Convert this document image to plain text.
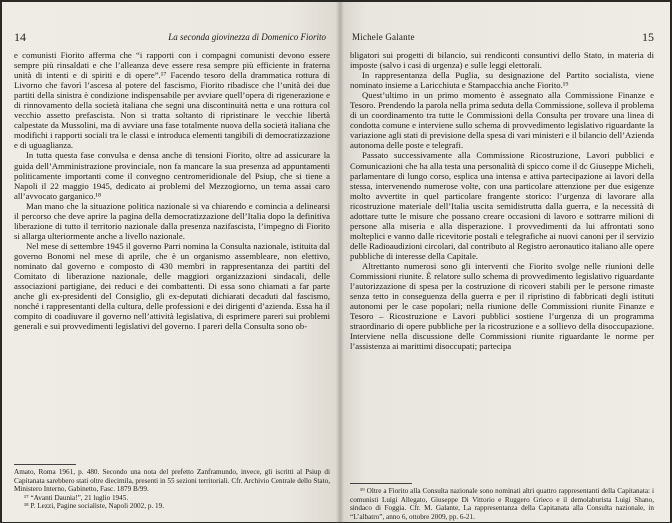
14	La seconda giovinezza di Domenico Fiorito

e comunisti Fiorito afferma che “i rapporti con i compagni comunisti devono essere sempre più rinsaldati e che l’alleanza deve essere resa sempre più efficiente in fraterna unità di intenti e di spiriti e di opere”.¹⁷ Facendo tesoro della drammatica rottura di Livorno che favorì l’ascesa al potere del fascismo, Fiorito ribadisce che l’unità dei due partiti della sinistra è condizione indispensabile per avviare quell’opera di rigenerazione e di rinnovamento della società italiana che segni una discontinuità netta e una rottura col vecchio assetto prefascista. Non si tratta soltanto di ripristinare le vecchie libertà calpestate da Mussolini, ma di avviare una fase totalmente nuova della società italiana che modifichi i rapporti sociali tra le classi e introduca elementi tangibili di democratizzazione e di uguaglianza.

In tutta questa fase convulsa e densa anche di tensioni Fiorito, oltre ad assicurare la guida dell’Amministrazione provinciale, non fa mancare la sua presenza ad appuntamenti politicamente importanti come il convegno centromeridionale del Psiup, che si tiene a Napoli il 22 maggio 1945, dedicato ai problemi del Mezzogiorno, un tema assai caro all’avvocato garganico.¹⁸

Man mano che la situazione politica nazionale si va chiarendo e comincia a delinearsi il percorso che deve aprire la pagina della democratizzazione dell’Italia dopo la definitiva liberazione di tutto il territorio nazionale dalla presenza nazifascista, l’impegno di Fiorito si allarga ulteriormente anche a livello nazionale.

Nel mese di settembre 1945 il governo Parri nomina la Consulta nazionale, istituita dal governo Bonomi nel mese di aprile, che è un organismo assembleare, non elettivo, nominato dal governo e composto di 430 membri in rappresentanza dei partiti del Comitato di liberazione nazionale, delle maggiori organizzazioni sindacali, delle associazioni partigiane, dei reduci e dei combattenti. Di essa sono chiamati a far parte anche gli ex-presidenti del Consiglio, gli ex-deputati dichiarati decaduti dal fascismo, nonché i rappresentanti della cultura, delle professioni e dei dirigenti d’azienda. Essa ha il compito di coadiuvare il governo nell’attività legislativa, di esprimere pareri sui problemi generali e sui provvedimenti legislativi del governo. I pareri della Consulta sono ob-

Amato, Roma 1961, p. 480. Secondo una nota del prefetto Zanframundo, invece, gli iscritti al Psiup di Capitanata sarebbero stati oltre diecimila, presenti in 55 sezioni territoriali. Cfr. Archivio Centrale dello Stato, Ministero Interno, Gabinetto, Fasc. 1879 B/99.

¹⁷ “Avanti Daunia!”, 21 luglio 1945.

¹⁸ P. Lezzi, Pagine socialiste, Napoli 2002, p. 19.

Michele Galante	15

bligatori sui progetti di bilancio, sui rendiconti consuntivi dello Stato, in materia di imposte (salvo i casi di urgenza) e sulle leggi elettorali.

In rappresentanza della Puglia, su designazione del Partito socialista, viene nominato insieme a Laricchiuta e Stampacchia anche Fiorito.¹⁹

Quest’ultimo in un primo momento è assegnato alla Commissione Finanze e Tesoro. Prendendo la parola nella prima seduta della Commissione, solleva il problema di un coordinamento tra tutte le Commissioni della Consulta per trovare una linea di condotta comune e interviene sullo schema di provvedimento legislativo riguardante la variazione agli stati di previsione della spesa di vari ministeri e il bilancio dell’Azienda autonoma delle poste e telegrafi.

Passato successivamente alla Commissione Ricostruzione, Lavori pubblici e Comunicazioni che ha alla testa una personalità di spicco come il dc Giuseppe Micheli, parlamentare di lungo corso, esplica una intensa e attiva partecipazione ai lavori della stessa, intervenendo numerose volte, con una particolare attenzione per due esigenze molto avvertite in quel particolare frangente storico: l’urgenza di lavorare alla ricostruzione materiale dell’Italia uscita semidistrutta dalla guerra, e la necessità di adottare tutte le misure che possano creare occasioni di lavoro e sottrarre milioni di persone alla miseria e alla disperazione. I provvedimenti da lui affrontati sono molteplici e vanno dalle ricevitorie postali e telegrafiche ai nuovi canoni per il servizio delle Radioaudizioni circolari, dal contributo al Registro aeronautico italiano alle opere pubbliche di interesse della Capitale.

Altrettanto numerosi sono gli interventi che Fiorito svolge nelle riunioni delle Commissioni riunite. È relatore sullo schema di provvedimento legislativo riguardante l’autorizzazione di spesa per la costruzione di ricoveri stabili per le persone rimaste senza tetto in conseguenza della guerra e per il ripristino di fabbricati degli istituti autonomi per le case popolari; nella riunione delle Commissioni riunite Finanze e Tesoro – Ricostruzione e Lavori pubblici sostiene l’urgenza di un programma straordinario di opere pubbliche per la ricostruzione e a sollievo della disoccupazione. Interviene nella discussione delle Commissioni riunite riguardante le norme per l’assistenza ai marittimi disoccupati; partecipa

¹⁹ Oltre a Fiorito alla Consulta nazionale sono nominati altri quattro rappresentanti della Capitanata: i comunisti Luigi Allegato, Giuseppe Di Vittorio e Ruggero Grieco e il demolaburista Luigi Shano, sindaco di Foggia. Cfr. M. Galante, La rappresentanza della Capitanata alla Consulta nazionale, in “L’albatro”, anno 6, ottobre 2009, pp. 6-21.
